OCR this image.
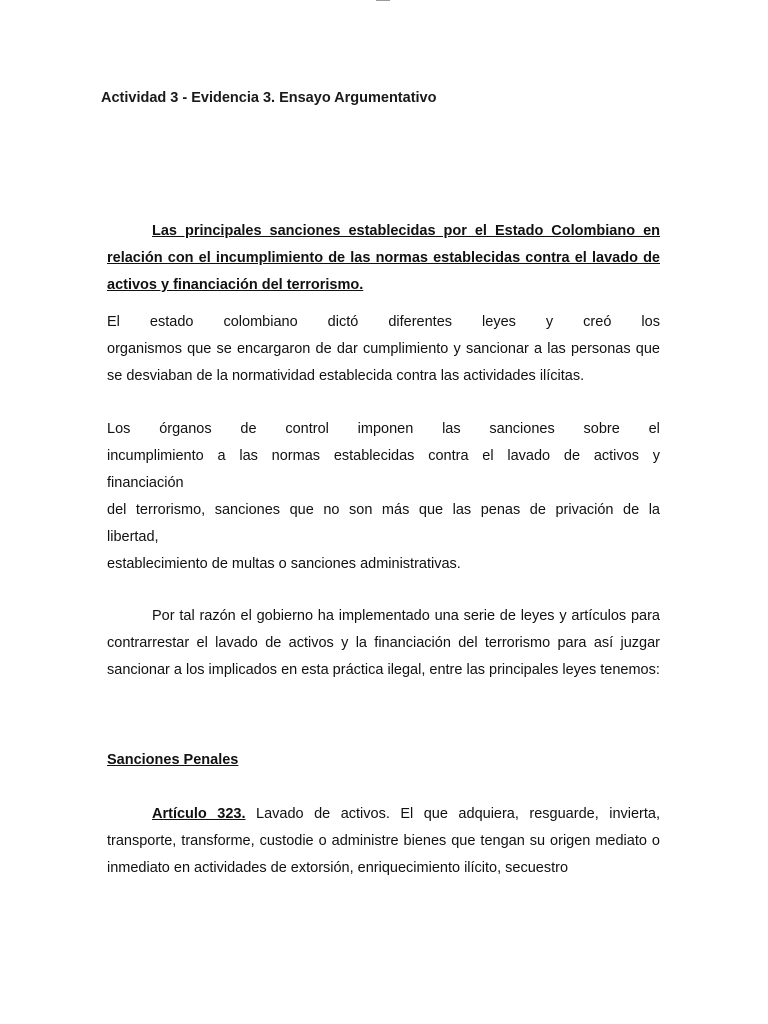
Actividad 3 - Evidencia 3. Ensayo Argumentativo
Las principales sanciones establecidas por el Estado Colombiano en relación con el incumplimiento de las normas establecidas contra el lavado de activos y financiación del terrorismo.
El estado colombiano dictó diferentes leyes y creó los
organismos que se encargaron de dar cumplimiento y sancionar a las personas que se desviaban de la normatividad establecida contra las actividades ilícitas.
Los órganos de control imponen las sanciones sobre el
incumplimiento a las normas establecidas contra el lavado de activos y
financiación
del terrorismo, sanciones que no son más que las penas de privación de la
libertad,
establecimiento de multas o sanciones administrativas.
Por tal razón el gobierno ha implementado una serie de leyes y artículos para contrarrestar el lavado de activos y la financiación del terrorismo para así juzgar sancionar a los implicados en esta práctica ilegal, entre las principales leyes tenemos:
Sanciones Penales
Artículo 323. Lavado de activos. El que adquiera, resguarde, invierta, transporte, transforme, custodie o administre bienes que tengan su origen mediato o inmediato en actividades de extorsión, enriquecimiento ilícito, secuestro
